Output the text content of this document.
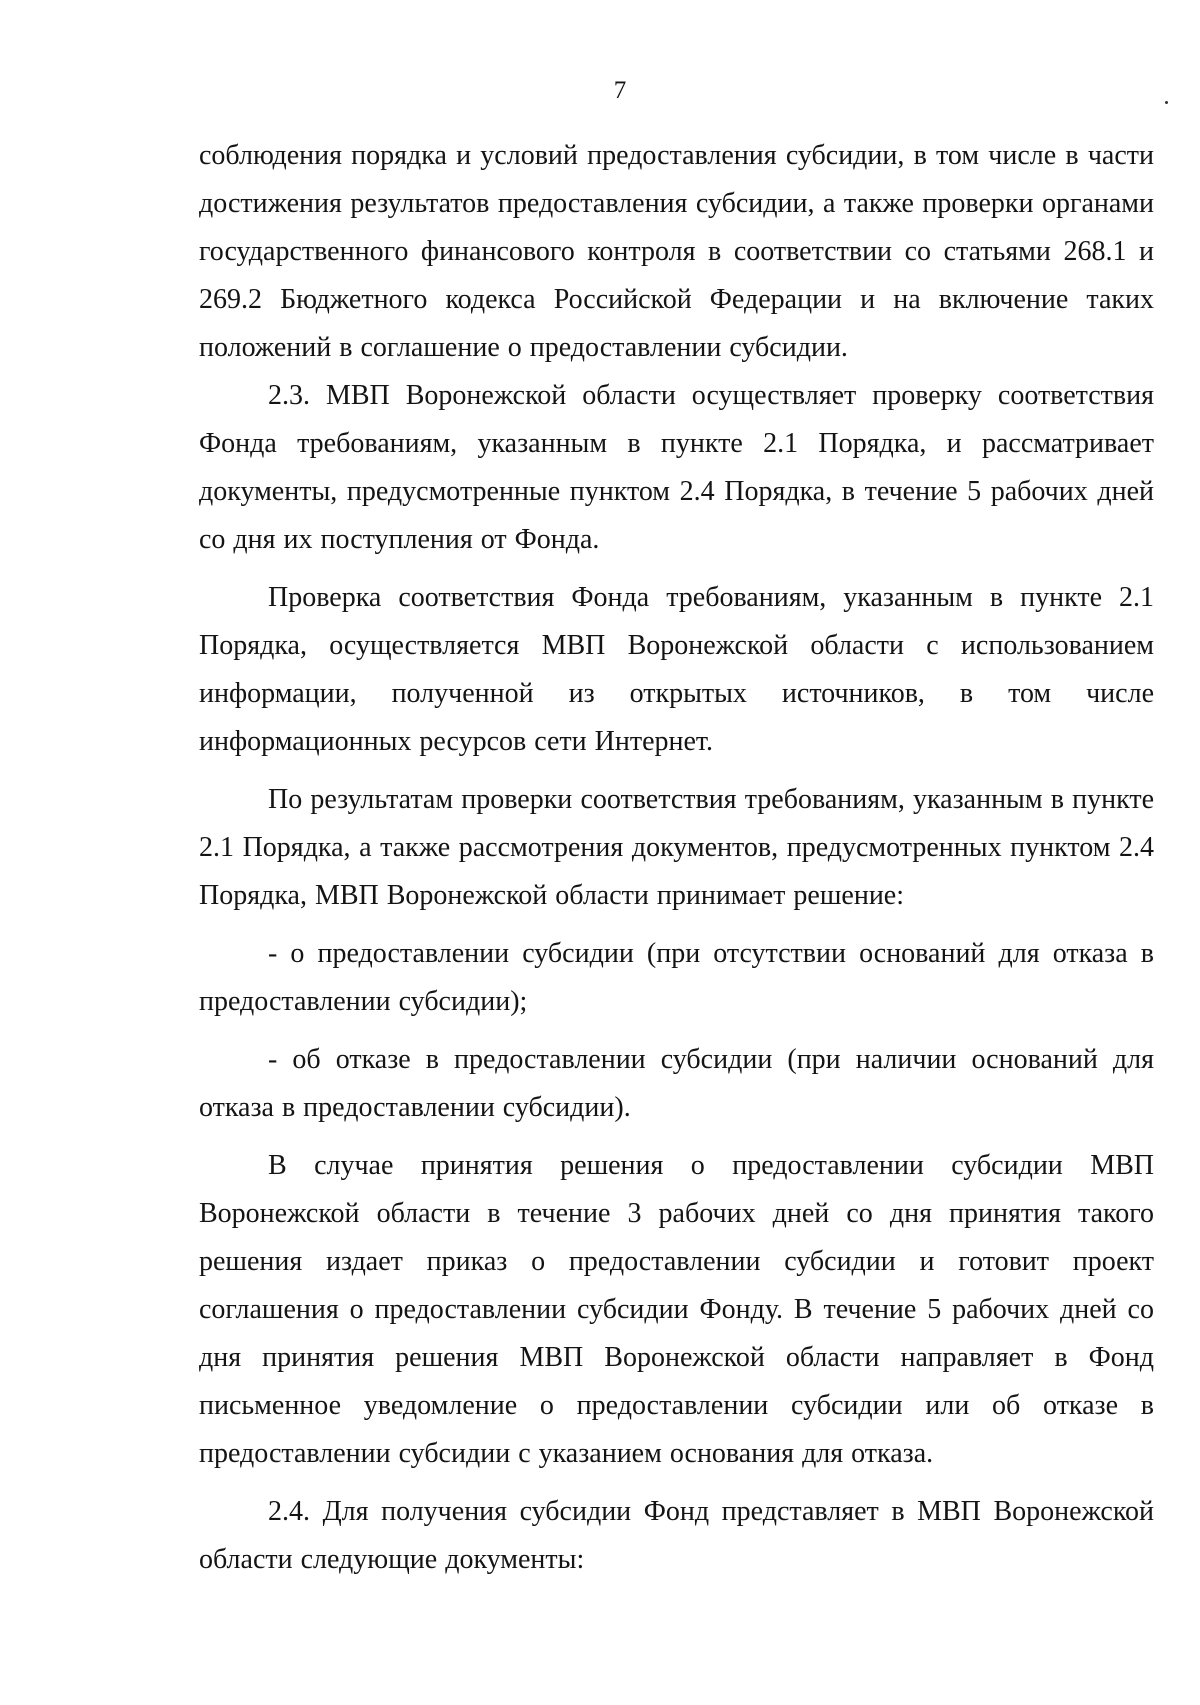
7

соблюдения порядка и условий предоставления субсидии, в том числе в части достижения результатов предоставления субсидии, а также проверки органами государственного финансового контроля в соответствии со статьями 268.1 и 269.2 Бюджетного кодекса Российской Федерации и на включение таких положений в соглашение о предоставлении субсидии.

2.3. МВП Воронежской области осуществляет проверку соответствия Фонда требованиям, указанным в пункте 2.1 Порядка, и рассматривает документы, предусмотренные пунктом 2.4 Порядка, в течение 5 рабочих дней со дня их поступления от Фонда.

Проверка соответствия Фонда требованиям, указанным в пункте 2.1 Порядка, осуществляется МВП Воронежской области с использованием информации, полученной из открытых источников, в том числе информационных ресурсов сети Интернет.

По результатам проверки соответствия требованиям, указанным в пункте 2.1 Порядка, а также рассмотрения документов, предусмотренных пунктом 2.4 Порядка, МВП Воронежской области принимает решение:

- о предоставлении субсидии (при отсутствии оснований для отказа в предоставлении субсидии);

- об отказе в предоставлении субсидии (при наличии оснований для отказа в предоставлении субсидии).

В случае принятия решения о предоставлении субсидии МВП Воронежской области в течение 3 рабочих дней со дня принятия такого решения издает приказ о предоставлении субсидии и готовит проект соглашения о предоставлении субсидии Фонду. В течение 5 рабочих дней со дня принятия решения МВП Воронежской области направляет в Фонд письменное уведомление о предоставлении субсидии или об отказе в предоставлении субсидии с указанием основания для отказа.

2.4. Для получения субсидии Фонд представляет в МВП Воронежской области следующие документы:
